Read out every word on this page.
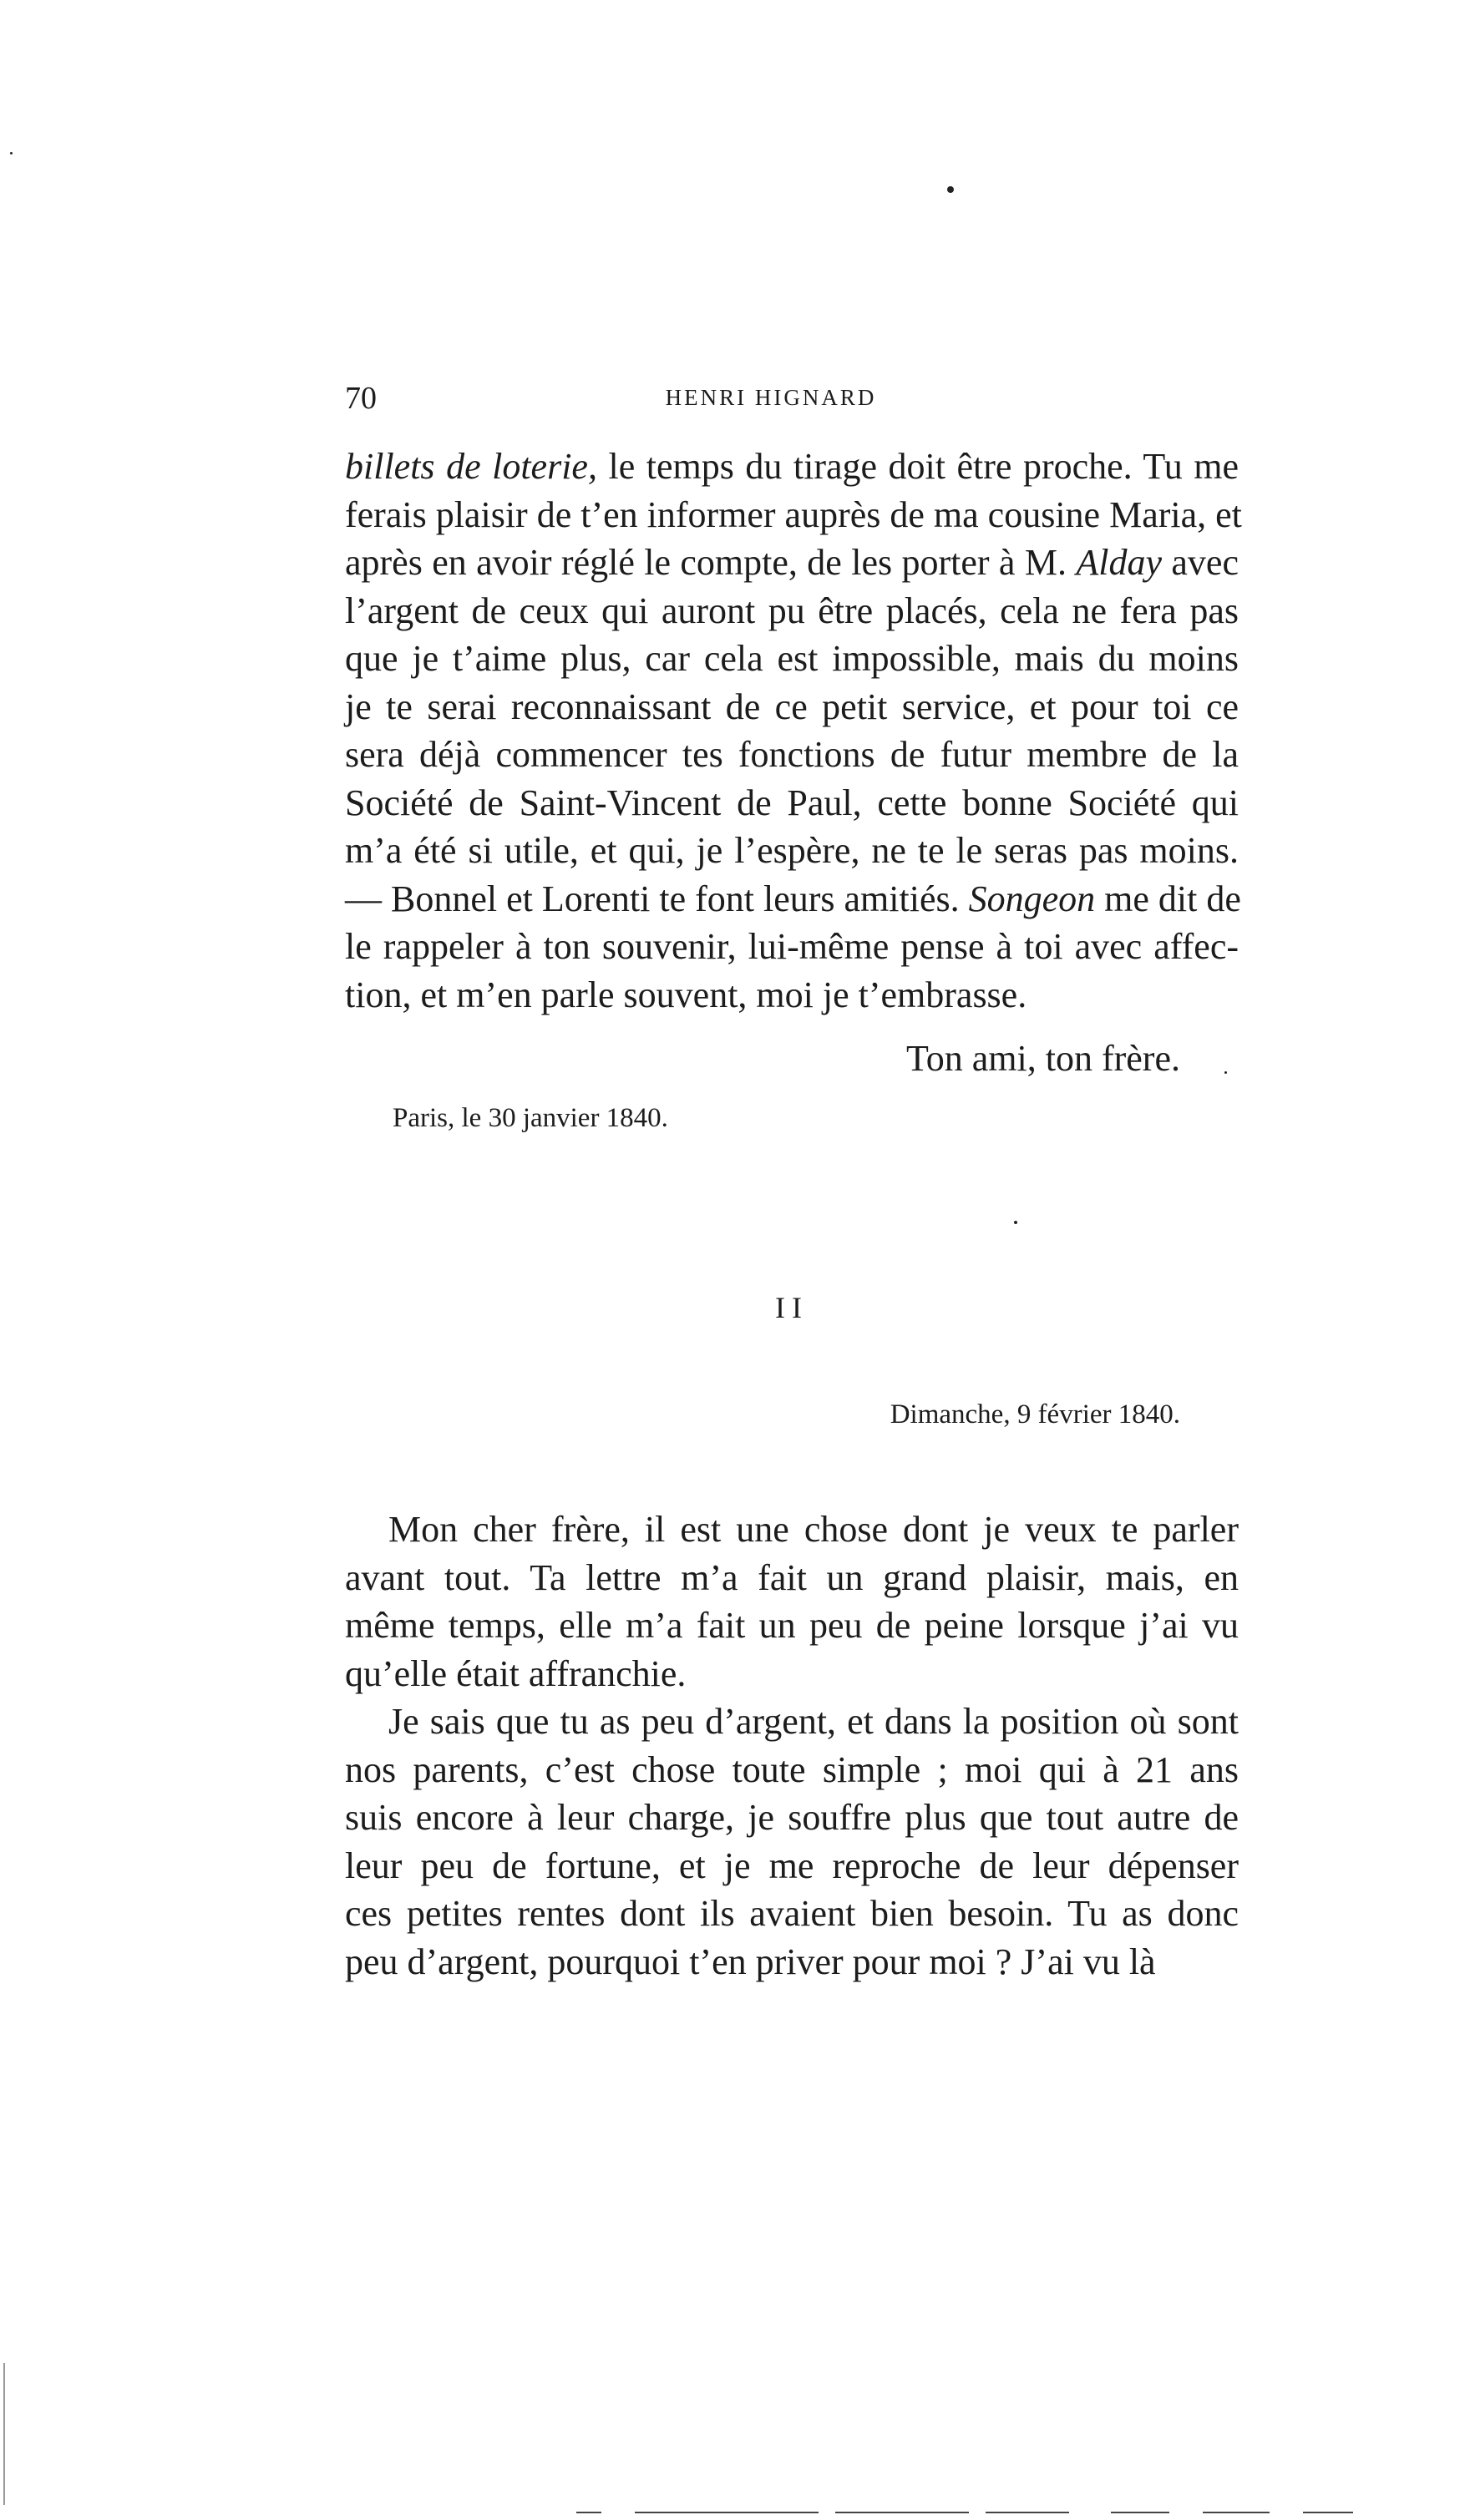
70	HENRI HIGNARD
billets de loterie, le temps du tirage doit être proche. Tu me
ferais plaisir de t’en informer auprès de ma cousine Maria, et
après en avoir réglé le compte, de les porter à M. Alday avec
l’argent de ceux qui auront pu être placés, cela ne fera pas
que je t’aime plus, car cela est impossible, mais du moins
je te serai reconnaissant de ce petit service, et pour toi ce
sera déjà commencer tes fonctions de futur membre de la
Société de Saint-Vincent de Paul, cette bonne Société qui
m’a été si utile, et qui, je l’espère, ne te le seras pas moins.
— Bonnel et Lorenti te font leurs amitiés. Songeon me dit de
le rappeler à ton souvenir, lui-même pense à toi avec affec-
tion, et m’en parle souvent, moi je t’embrasse.
Ton ami, ton frère.
Paris, le 30 janvier 1840.
II
Dimanche, 9 février 1840.
Mon cher frère, il est une chose dont je veux te parler
avant tout. Ta lettre m’a fait un grand plaisir, mais, en
même temps, elle m’a fait un peu de peine lorsque j’ai vu
qu’elle était affranchie.
Je sais que tu as peu d’argent, et dans la position où sont
nos parents, c’est chose toute simple ; moi qui à 21 ans
suis encore à leur charge, je souffre plus que tout autre de
leur peu de fortune, et je me reproche de leur dépenser
ces petites rentes dont ils avaient bien besoin. Tu as donc
peu d’argent, pourquoi t’en priver pour moi ? J’ai vu là
